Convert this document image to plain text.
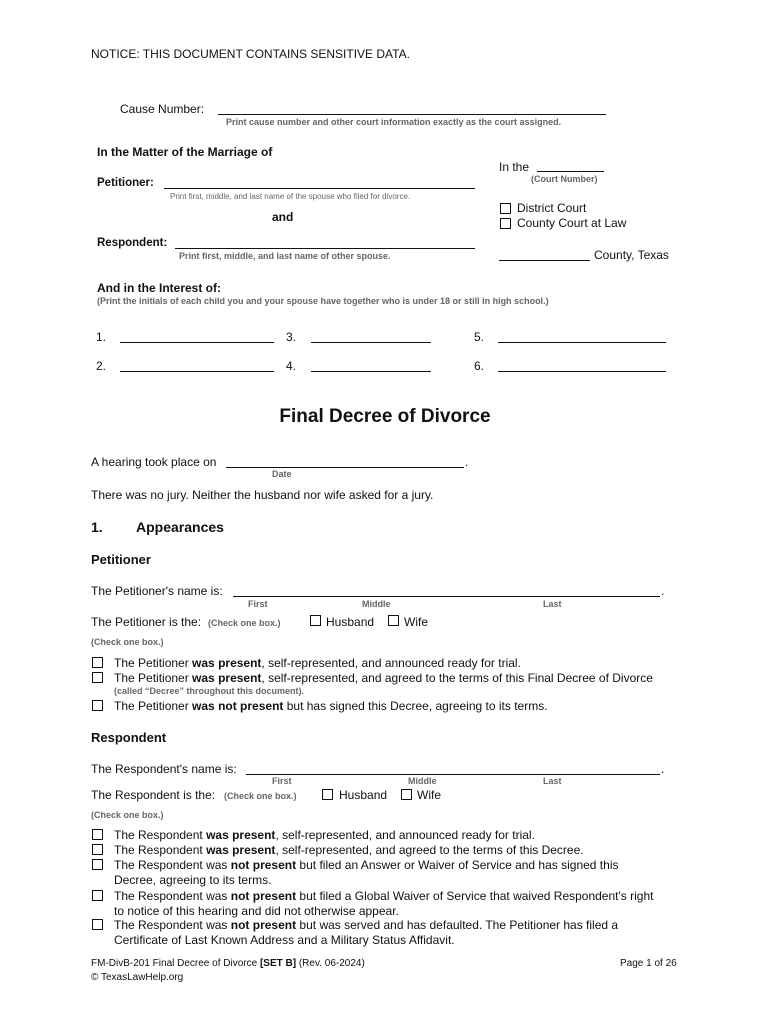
NOTICE: THIS DOCUMENT CONTAINS SENSITIVE DATA.
Cause Number:
Print cause number and other court information exactly as the court assigned.
In the Matter of the Marriage of
Petitioner:
Print first, middle, and last name of the spouse who filed for divorce.
and
Respondent:
Print first, middle, and last name of other spouse.
In the
(Court Number)
District Court
County Court at Law
County, Texas
And in the Interest of:
(Print the initials of each child you and your spouse have together who is under 18 or still in high school.)
1.	3.	5.
2.	4.	6.
Final Decree of Divorce
A hearing took place on	.
Date
There was no jury. Neither the husband nor wife asked for a jury.
1. Appearances
Petitioner
The Petitioner's name is:	.
First	Middle	Last
The Petitioner is the: (Check one box.)	Husband Wife
(Check one box.)
The Petitioner was present, self-represented, and announced ready for trial.
The Petitioner was present, self-represented, and agreed to the terms of this Final Decree of Divorce
(called “Decree” throughout this document).
The Petitioner was not present but has signed this Decree, agreeing to its terms.
Respondent
The Respondent's name is:	.
First	Middle	Last
The Respondent is the: (Check one box.)	Husband Wife
(Check one box.)
The Respondent was present, self-represented, and announced ready for trial.
The Respondent was present, self-represented, and agreed to the terms of this Decree.
The Respondent was not present but filed an Answer or Waiver of Service and has signed this
Decree, agreeing to its terms.
The Respondent was not present but filed a Global Waiver of Service that waived Respondent's right
to notice of this hearing and did not otherwise appear.
The Respondent was not present but was served and has defaulted. The Petitioner has filed a
Certificate of Last Known Address and a Military Status Affidavit.
FM-DivB-201 Final Decree of Divorce [SET B] (Rev. 06-2024)
© TexasLawHelp.org
Page 1 of 26
